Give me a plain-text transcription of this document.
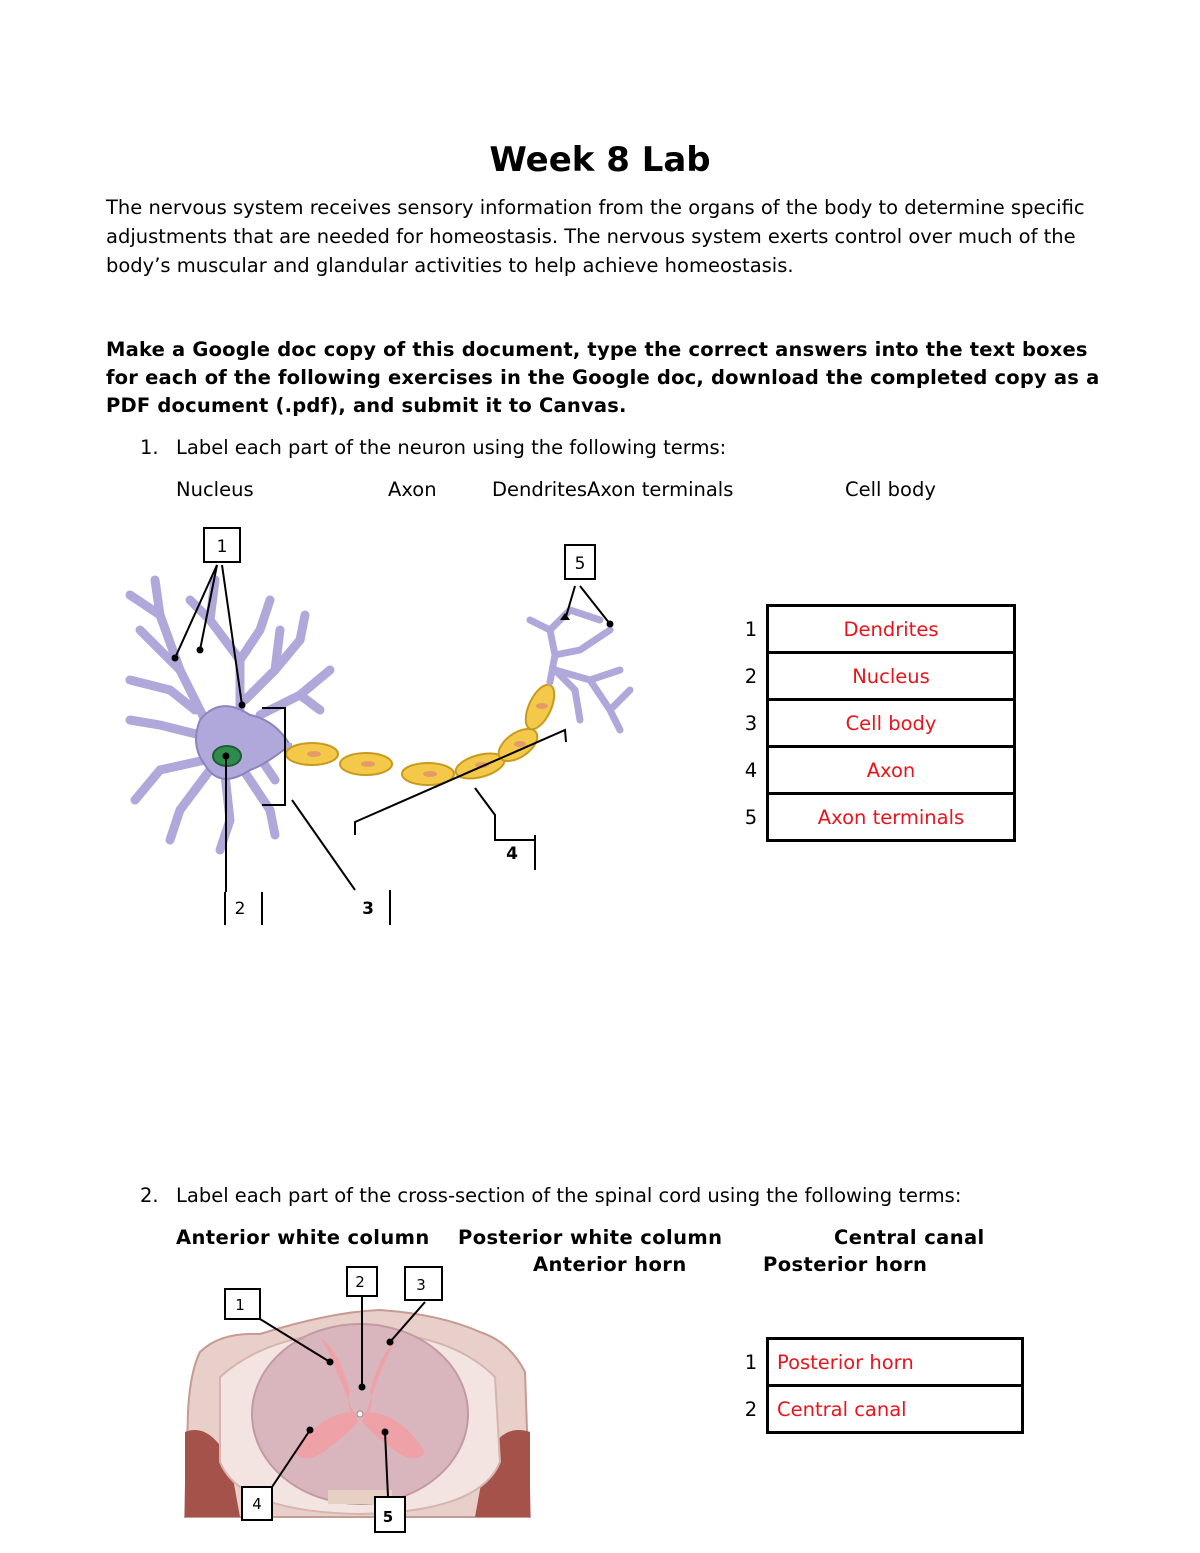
Week 8 Lab
The nervous system receives sensory information from the organs of the body to determine specific adjustments that are needed for homeostasis. The nervous system exerts control over much of the body’s muscular and glandular activities to help achieve homeostasis.
Make a Google doc copy of this document, type the correct answers into the text boxes for each of the following exercises in the Google doc, download the completed copy as a PDF document (.pdf), and submit it to Canvas.
1. Label each part of the neuron using the following terms:
Nucleus	Axon	DendritesAxon terminals	Cell body
1
2	3
4
5
1	Dendrites
2	Nucleus
3	Cell body
4	Axon
5	Axon terminals
2. Label each part of the cross-section of the spinal cord using the following terms:
Anterior white column Posterior white column	Central canal
Anterior horn	Posterior horn
1
2	3
4
5
1	Posterior horn
2	Central canal
